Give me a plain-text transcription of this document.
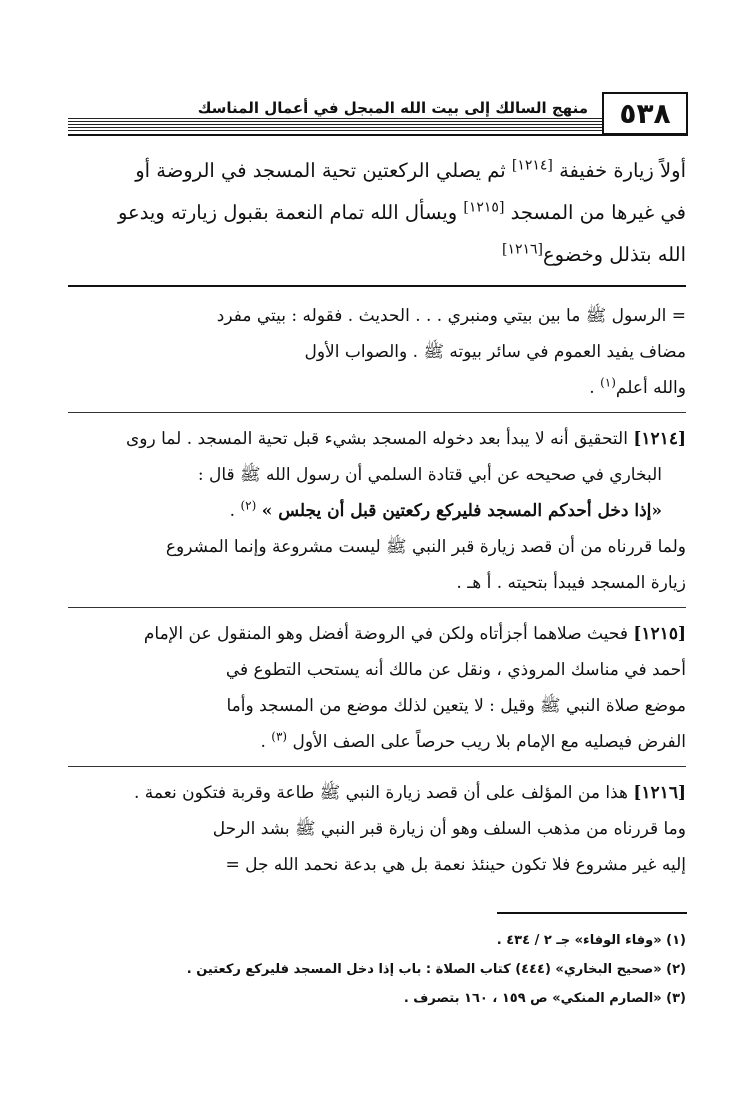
٥٣٨
منهج السالك إلى بيت الله المبجل في أعمال المناسك
أولاً زيارة خفيفة [١٢١٤] ثم يصلي الركعتين تحية المسجد في الروضة أو
في غيرها من المسجد [١٢١٥] ويسأل الله تمام النعمة بقبول زيارته ويدعو
الله بتذلل وخضوع[١٢١٦]
= الرسول ﷺ ما بين بيتي ومنبري . . . الحديث . فقوله : بيتي مفرد
مضاف يفيد العموم في سائر بيوته ﷺ . والصواب الأول
والله أعلم$^{(١)}$ .
[١٢١٤] التحقيق أنه لا يبدأ بعد دخوله المسجد بشيء قبل تحية المسجد . لما روى
البخاري في صحيحه عن أبي قتادة السلمي أن رسول الله ﷺ قال :
«إذا دخل أحدكم المسجد فليركع ركعتين قبل أن يجلس » $^{(٢)}$ .
ولما قررناه من أن قصد زيارة قبر النبي ﷺ ليست مشروعة وإنما المشروع
زيارة المسجد فيبدأ بتحيته . أ هـ .
[١٢١٥] فحيث صلاهما أجزأتاه ولكن في الروضة أفضل وهو المنقول عن الإمام
أحمد في مناسك المروذي ، ونقل عن مالك أنه يستحب التطوع في
موضع صلاة النبي ﷺ وقيل : لا يتعين لذلك موضع من المسجد وأما
الفرض فيصليه مع الإمام بلا ريب حرصاً على الصف الأول $^{(٣)}$ .
[١٢١٦] هذا من المؤلف على أن قصد زيارة النبي ﷺ طاعة وقربة فتكون نعمة .
وما قررناه من مذهب السلف وهو أن زيارة قبر النبي ﷺ بشد الرحل
إليه غير مشروع فلا تكون حينئذ نعمة بل هي بدعة نحمد الله جل =
(١) «وفاء الوفاء» جـ ٢ / ٤٣٤ .
(٢) «صحيح البخاري» (٤٤٤) كتاب الصلاة : باب إذا دخل المسجد فليركع ركعتين .
(٣) «الصارم المنكي» ص ١٥٩ ، ١٦٠ بتصرف .
